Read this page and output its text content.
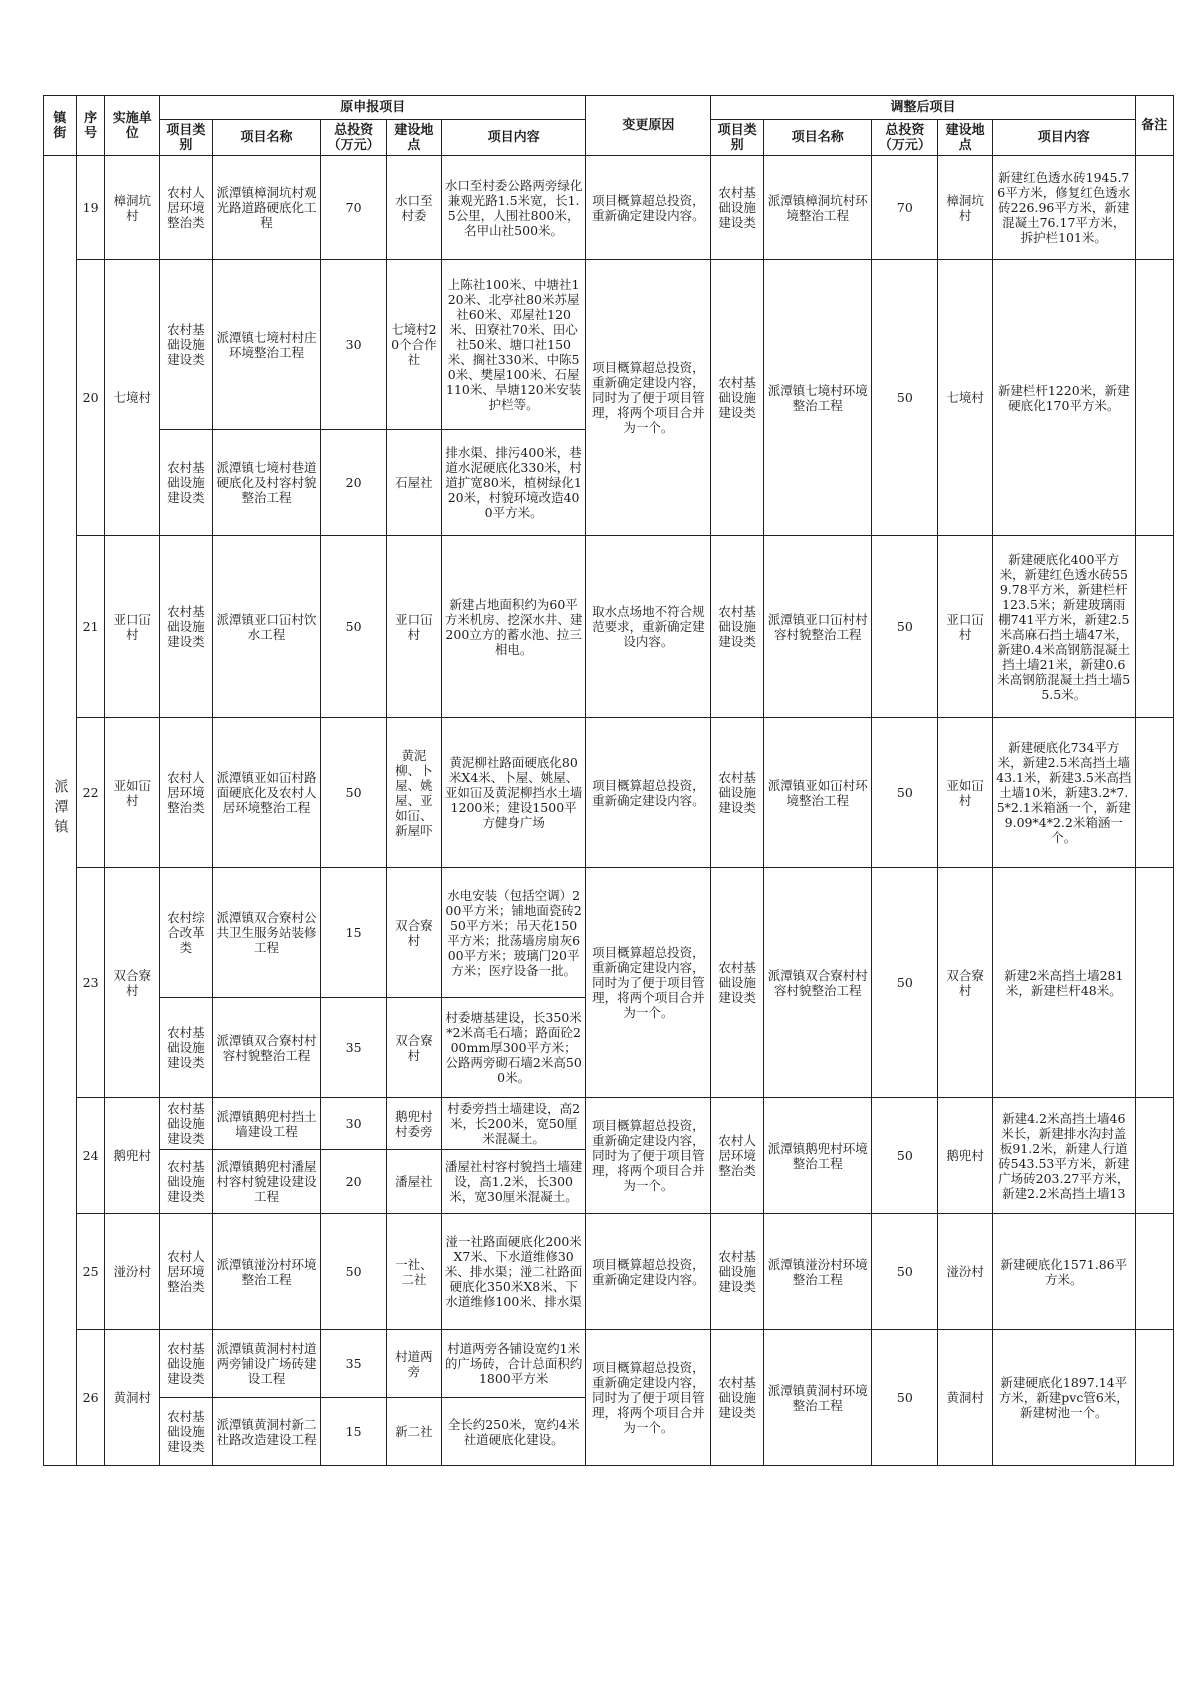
镇街	序号	实施单位	原申报项目					变更原因	调整后项目					备注
			项目类别	项目名称	总投资（万元）	建设地点	项目内容		项目类别	项目名称	总投资（万元）	建设地点	项目内容	
派潭镇	19	樟洞坑村	农村人居环境整治类	派潭镇樟洞坑村观光路道路硬底化工程	70	水口至村委	水口至村委公路两旁绿化兼观光路1.5米宽，长1.5公里，人围社800米，名甲山社500米。	项目概算超总投资，重新确定建设内容。	农村基础设施建设类	派潭镇樟洞坑村环境整治工程	70	樟洞坑村	新建红色透水砖1945.76平方米，修复红色透水砖226.96平方米，新建混凝土76.17平方米，拆护栏101米。	
	20	七境村	农村基础设施建设类	派潭镇七境村村庄环境整治工程	30	七境村20个合作社	上陈社100米、中塘社120米、北亭社80米苏屋社60米、邓屋社120米、田寮社70米、田心社50米、塘口社150米、搁社330米、中陈50米、樊屋100米、石屋110米、旱塘120米安装护栏等。	项目概算超总投资，重新确定建设内容，同时为了便于项目管理，将两个项目合并为一个。	农村基础设施建设类	派潭镇七境村环境整治工程	50	七境村	新建栏杆1220米，新建硬底化170平方米。	
			农村基础设施建设类	派潭镇七境村巷道硬底化及村容村貌整治工程	20	石屋社	排水渠、排污400米，巷道水泥硬底化330米，村道扩宽80米，植树绿化120米，村貌环境改造400平方米。							
	21	亚口冚村	农村基础设施建设类	派潭镇亚口冚村饮水工程	50	亚口冚村	新建占地面积约为60平方米机房、挖深水井、建200立方的蓄水池、拉三相电。	取水点场地不符合规范要求，重新确定建设内容。	农村基础设施建设类	派潭镇亚口冚村村容村貌整治工程	50	亚口冚村	新建硬底化400平方米，新建红色透水砖559.78平方米，新建栏杆123.5米；新建玻璃雨棚741平方米，新建2.5米高麻石挡土墙47米，新建0.4米高钢筋混凝土挡土墙21米，新建0.6米高钢筋混凝土挡土墙55.5米。	
	22	亚如冚村	农村人居环境整治类	派潭镇亚如冚村路面硬底化及农村人居环境整治工程	50	黄泥柳、卜屋、姚屋、亚如冚、新屋吓	黄泥柳社路面硬底化80米X4米、卜屋、姚屋、亚如冚及黄泥柳挡水土墙1200米；建设1500平方健身广场	项目概算超总投资，重新确定建设内容。	农村基础设施建设类	派潭镇亚如冚村环境整治工程	50	亚如冚村	新建硬底化734平方米，新建2.5米高挡土墙43.1米，新建3.5米高挡土墙10米，新建3.2*7.5*2.1米箱涵一个，新建9.09*4*2.2米箱涵一个。	
	23	双合寮村	农村综合改革类	派潭镇双合寮村公共卫生服务站装修工程	15	双合寮村	水电安装（包括空调）200平方米；铺地面瓷砖250平方米；吊天花150平方米；批荡墙房扇灰600平方米；玻璃门20平方米；医疗设备一批。	项目概算超总投资，重新确定建设内容，同时为了便于项目管理，将两个项目合并为一个。	农村基础设施建设类	派潭镇双合寮村村容村貌整治工程	50	双合寮村	新建2米高挡土墙281米，新建栏杆48米。	
			农村基础设施建设类	派潭镇双合寮村村容村貌整治工程	35	双合寮村	村委塘基建设，长350米*2米高毛石墙；路面砼200mm厚300平方米；公路两旁砌石墙2米高500米。							
	24	鹅兜村	农村基础设施建设类	派潭镇鹅兜村挡土墙建设工程	30	鹅兜村村委旁	村委旁挡土墙建设，高2米，长200米，宽50厘米混凝土。	项目概算超总投资，重新确定建设内容，同时为了便于项目管理，将两个项目合并为一个。	农村人居环境整治类	派潭镇鹅兜村环境整治工程	50	鹅兜村	新建4.2米高挡土墙46米长，新建排水沟封盖板91.2米，新建人行道砖543.53平方米，新建广场砖203.27平方米，新建2.2米高挡土墙13	
			农村基础设施建设类	派潭镇鹅兜村潘屋村容村貌建设建设工程	20	潘屋社	潘屋社村容村貌挡土墙建设，高1.2米，长300米，宽30厘米混凝土。							
	25	湴汾村	农村人居环境整治类	派潭镇湴汾村环境整治工程	50	一社、二社	湴一社路面硬底化200米X7米、下水道维修30米、排水渠；湴二社路面硬底化350米X8米、下水道维修100米、排水渠	项目概算超总投资，重新确定建设内容。	农村基础设施建设类	派潭镇湴汾村环境整治工程	50	湴汾村	新建硬底化1571.86平方米。	
	26	黄洞村	农村基础设施建设类	派潭镇黄洞村村道两旁铺设广场砖建设工程	35	村道两旁	村道两旁各铺设宽约1米的广场砖，合计总面积约1800平方米	项目概算超总投资，重新确定建设内容，同时为了便于项目管理，将两个项目合并为一个。	农村基础设施建设类	派潭镇黄洞村环境整治工程	50	黄洞村	新建硬底化1897.14平方米，新建pvc管6米，新建树池一个。	
			农村基础设施建设类	派潭镇黄洞村新二社路改造建设工程	15	新二社	全长约250米，宽约4米社道硬底化建设。							
